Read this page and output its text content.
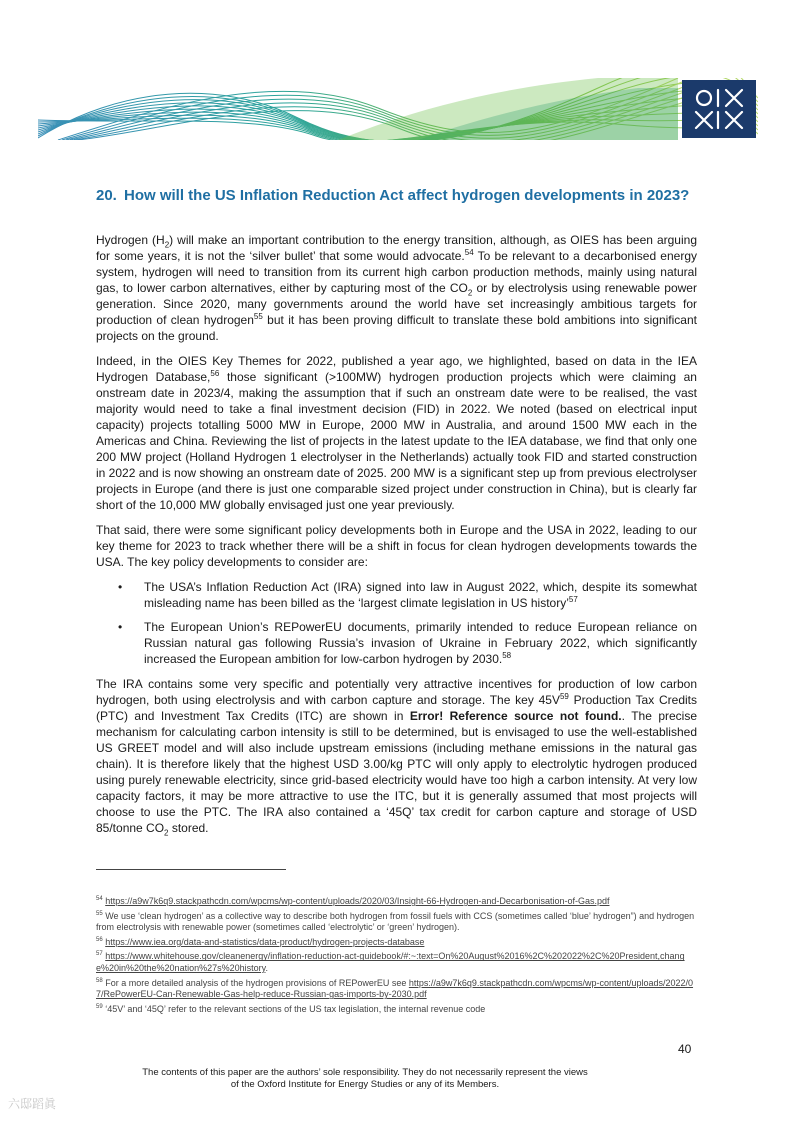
20. How will the US Inflation Reduction Act affect hydrogen developments in 2023?

Hydrogen $(H_2)$ will make an important contribution to the energy transition, although, as OIES has been arguing for some years, it is not the ‘silver bullet’ that some would advocate.$^{54}$ To be relevant to a decarbonised energy system, hydrogen will need to transition from its current high carbon production methods, mainly using natural gas, to lower carbon alternatives, either by capturing most of the $CO_2$ or by electrolysis using renewable power generation. Since 2020, many governments around the world have set increasingly ambitious targets for production of clean hydrogen$^{55}$ but it has been proving difficult to translate these bold ambitions into significant projects on the ground.

Indeed, in the OIES Key Themes for 2022, published a year ago, we highlighted, based on data in the IEA Hydrogen Database,$^{56}$ those significant (>100MW) hydrogen production projects which were claiming an onstream date in 2023/4, making the assumption that if such an onstream date were to be realised, the vast majority would need to take a final investment decision (FID) in 2022. We noted (based on electrical input capacity) projects totalling 5000 MW in Europe, 2000 MW in Australia, and around 1500 MW each in the Americas and China. Reviewing the list of projects in the latest update to the IEA database, we find that only one 200 MW project (Holland Hydrogen 1 electrolyser in the Netherlands) actually took FID and started construction in 2022 and is now showing an onstream date of 2025. 200 MW is a significant step up from previous electrolyser projects in Europe (and there is just one comparable sized project under construction in China), but is clearly far short of the 10,000 MW globally envisaged just one year previously.

That said, there were some significant policy developments both in Europe and the USA in 2022, leading to our key theme for 2023 to track whether there will be a shift in focus for clean hydrogen developments towards the USA. The key policy developments to consider are:

• The USA’s Inflation Reduction Act (IRA) signed into law in August 2022, which, despite its somewhat misleading name has been billed as the ‘largest climate legislation in US history’$^{57}$
• The European Union’s REPowerEU documents, primarily intended to reduce European reliance on Russian natural gas following Russia’s invasion of Ukraine in February 2022, which significantly increased the European ambition for low-carbon hydrogen by 2030.58

The IRA contains some very specific and potentially very attractive incentives for production of low carbon hydrogen, both using electrolysis and with carbon capture and storage. The key $45V^{59}$ Production Tax Credits (PTC) and Investment Tax Credits (ITC) are shown in Error! Reference source not found.. The precise mechanism for calculating carbon intensity is still to be determined, but is envisaged to use the well-established US GREET model and will also include upstream emissions (including methane emissions in the natural gas chain). It is therefore likely that the highest USD 3.00/kg PTC will only apply to electrolytic hydrogen produced using purely renewable electricity, since grid-based electricity would have too high a carbon intensity. At very low capacity factors, it may be more attractive to use the ITC, but it is generally assumed that most projects will choose to use the PTC. The IRA also contained a ‘45Q’ tax credit for carbon capture and storage of USD 85/tonne $CO_2$ stored.

$^{54}$ https://a9w7k6q9.stackpathcdn.com/wpcms/wp-content/uploads/2020/03/Insight-66-Hydrogen-and-Decarbonisation-of-Gas.pdf
$^{55}$ We use ‘clean hydrogen’ as a collective way to describe both hydrogen from fossil fuels with CCS (sometimes called ‘blue’ hydrogen”) and hydrogen from electrolysis with renewable power (sometimes called ‘electrolytic’ or ‘green’ hydrogen).
$^{56}$ https://www.iea.org/data-and-statistics/data-product/hydrogen-projects-database
$^{57}$ https://www.whitehouse.gov/cleanenergy/inflation-reduction-act-guidebook/#:~:text=On%20August%2016%2C%202022%2C%20President,change%20in%20the%20nation%27s%20history.
$^{58}$ For a more detailed analysis of the hydrogen provisions of REPowerEU see https://a9w7k6q9.stackpathcdn.com/wpcms/wp-content/uploads/2022/07/RePowerEU-Can-Renewable-Gas-help-reduce-Russian-gas-imports-by-2030.pdf
$^{59}$ ‘45V’ and ‘45Q’ refer to the relevant sections of the US tax legislation, the internal revenue code
40
The contents of this paper are the authors’ sole responsibility. They do not necessarily represent the views
of the Oxford Institute for Energy Studies or any of its Members.
六邸蹈眞
